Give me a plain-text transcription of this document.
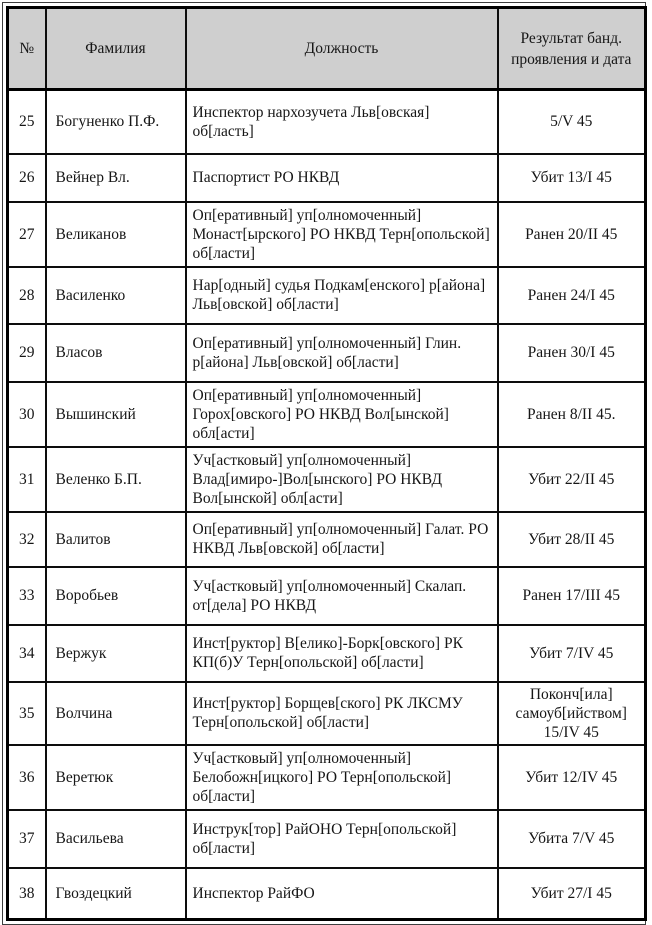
№	Фамилия	Должность	Результат банд. проявления и дата
25	Богуненко П.Ф.	Инспектор нархозучета Льв[овская] об[ласть]	5/V 45
26	Вейнер Вл.	Паспортист РО НКВД	Убит 13/I 45
27	Великанов	Оп[еративный] уп[олномоченный] Монаст[ырского] РО НКВД Терн[опольской] об[ласти]	Ранен 20/II 45
28	Василенко	Нар[одный] судья Подкам[енского] р[айона] Льв[овской] об[ласти]	Ранен 24/I 45
29	Власов	Оп[еративный] уп[олномоченный] Глин. р[айона] Льв[овской] об[ласти]	Ранен 30/I 45
30	Вышинский	Оп[еративный] уп[олномоченный] Горох[овского] РО НКВД Вол[ынской] обл[асти]	Ранен 8/II 45.
31	Веленко Б.П.	Уч[астковый] уп[олномоченный] Влад[имиро-]Вол[ынского] РО НКВД Вол[ынской] обл[асти]	Убит 22/II 45
32	Валитов	Оп[еративный] уп[олномоченный] Галат. РО НКВД Льв[овской] об[ласти]	Убит 28/II 45
33	Воробьев	Уч[астковый] уп[олномоченный] Скалап. от[дела] РО НКВД	Ранен 17/III 45
34	Вержук	Инст[руктор] В[елико]-Борк[овского] РК КП(б)У Терн[опольской] об[ласти]	Убит 7/IV 45
35	Волчина	Инст[руктор] Борщев[ского] РК ЛКСМУ Терн[опольской] об[ласти]	Поконч[ила] самоуб[ийством] 15/IV 45
36	Веретюк	Уч[астковый] уп[олномоченный] Белобожн[ицкого] РО Терн[опольской] об[ласти]	Убит 12/IV 45
37	Васильева	Инструк[тор] РайОНО Терн[опольской] об[ласти]	Убита 7/V 45
38	Гвоздецкий	Инспектор РайФО	Убит 27/I 45
